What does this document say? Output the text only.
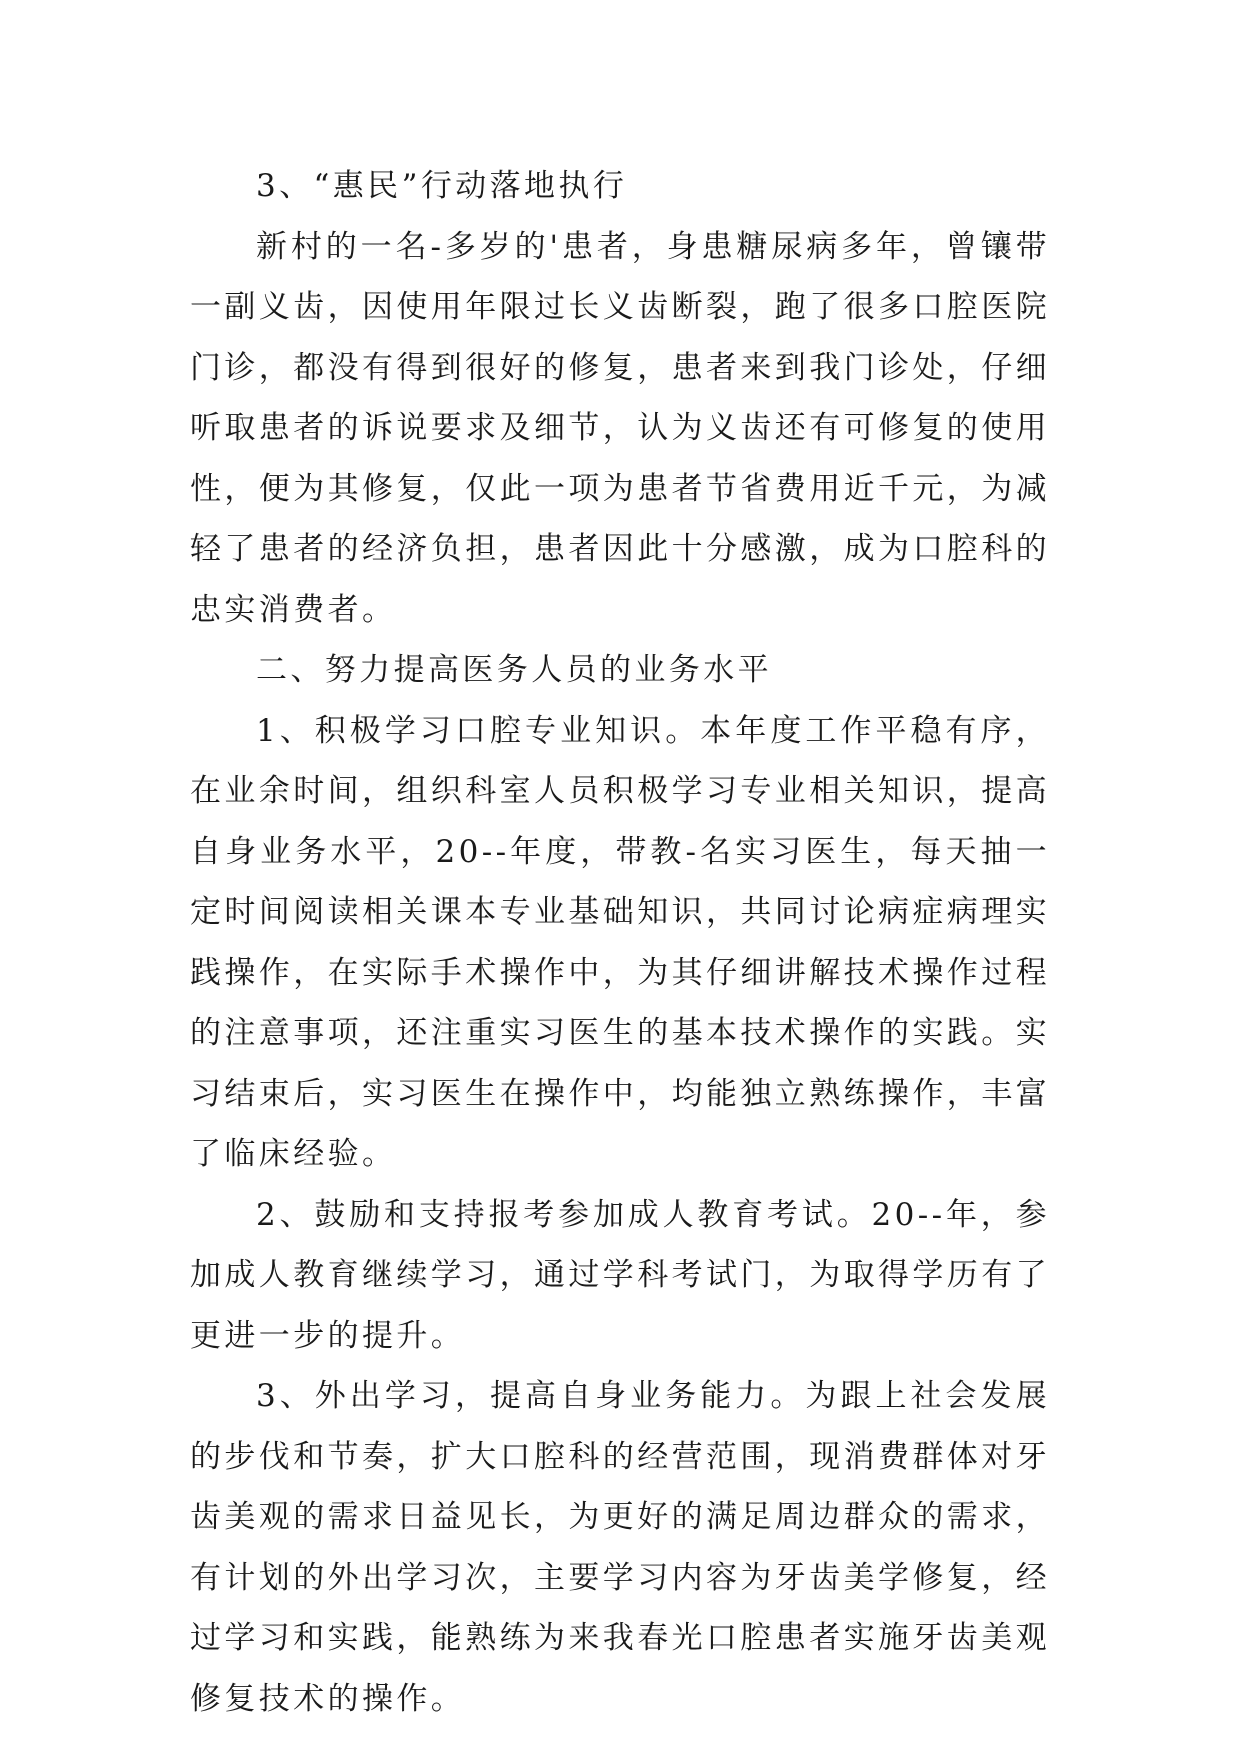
3、“惠民”行动落地执行

新村的一名-多岁的'患者，身患糖尿病多年，曾镶带一副义齿，因使用年限过长义齿断裂，跑了很多口腔医院门诊，都没有得到很好的修复，患者来到我门诊处，仔细听取患者的诉说要求及细节，认为义齿还有可修复的使用性，便为其修复，仅此一项为患者节省费用近千元，为减轻了患者的经济负担，患者因此十分感激，成为口腔科的忠实消费者。

二、努力提高医务人员的业务水平

1、积极学习口腔专业知识。本年度工作平稳有序，在业余时间，组织科室人员积极学习专业相关知识，提高自身业务水平，20--年度，带教-名实习医生，每天抽一定时间阅读相关课本专业基础知识，共同讨论病症病理实践操作，在实际手术操作中，为其仔细讲解技术操作过程的注意事项，还注重实习医生的基本技术操作的实践。实习结束后，实习医生在操作中，均能独立熟练操作，丰富了临床经验。

2、鼓励和支持报考参加成人教育考试。20--年，参加成人教育继续学习，通过学科考试门，为取得学历有了更进一步的提升。

3、外出学习，提高自身业务能力。为跟上社会发展的步伐和节奏，扩大口腔科的经营范围，现消费群体对牙齿美观的需求日益见长，为更好的满足周边群众的需求，有计划的外出学习次，主要学习内容为牙齿美学修复，经过学习和实践，能熟练为来我春光口腔患者实施牙齿美观修复技术的操作。
